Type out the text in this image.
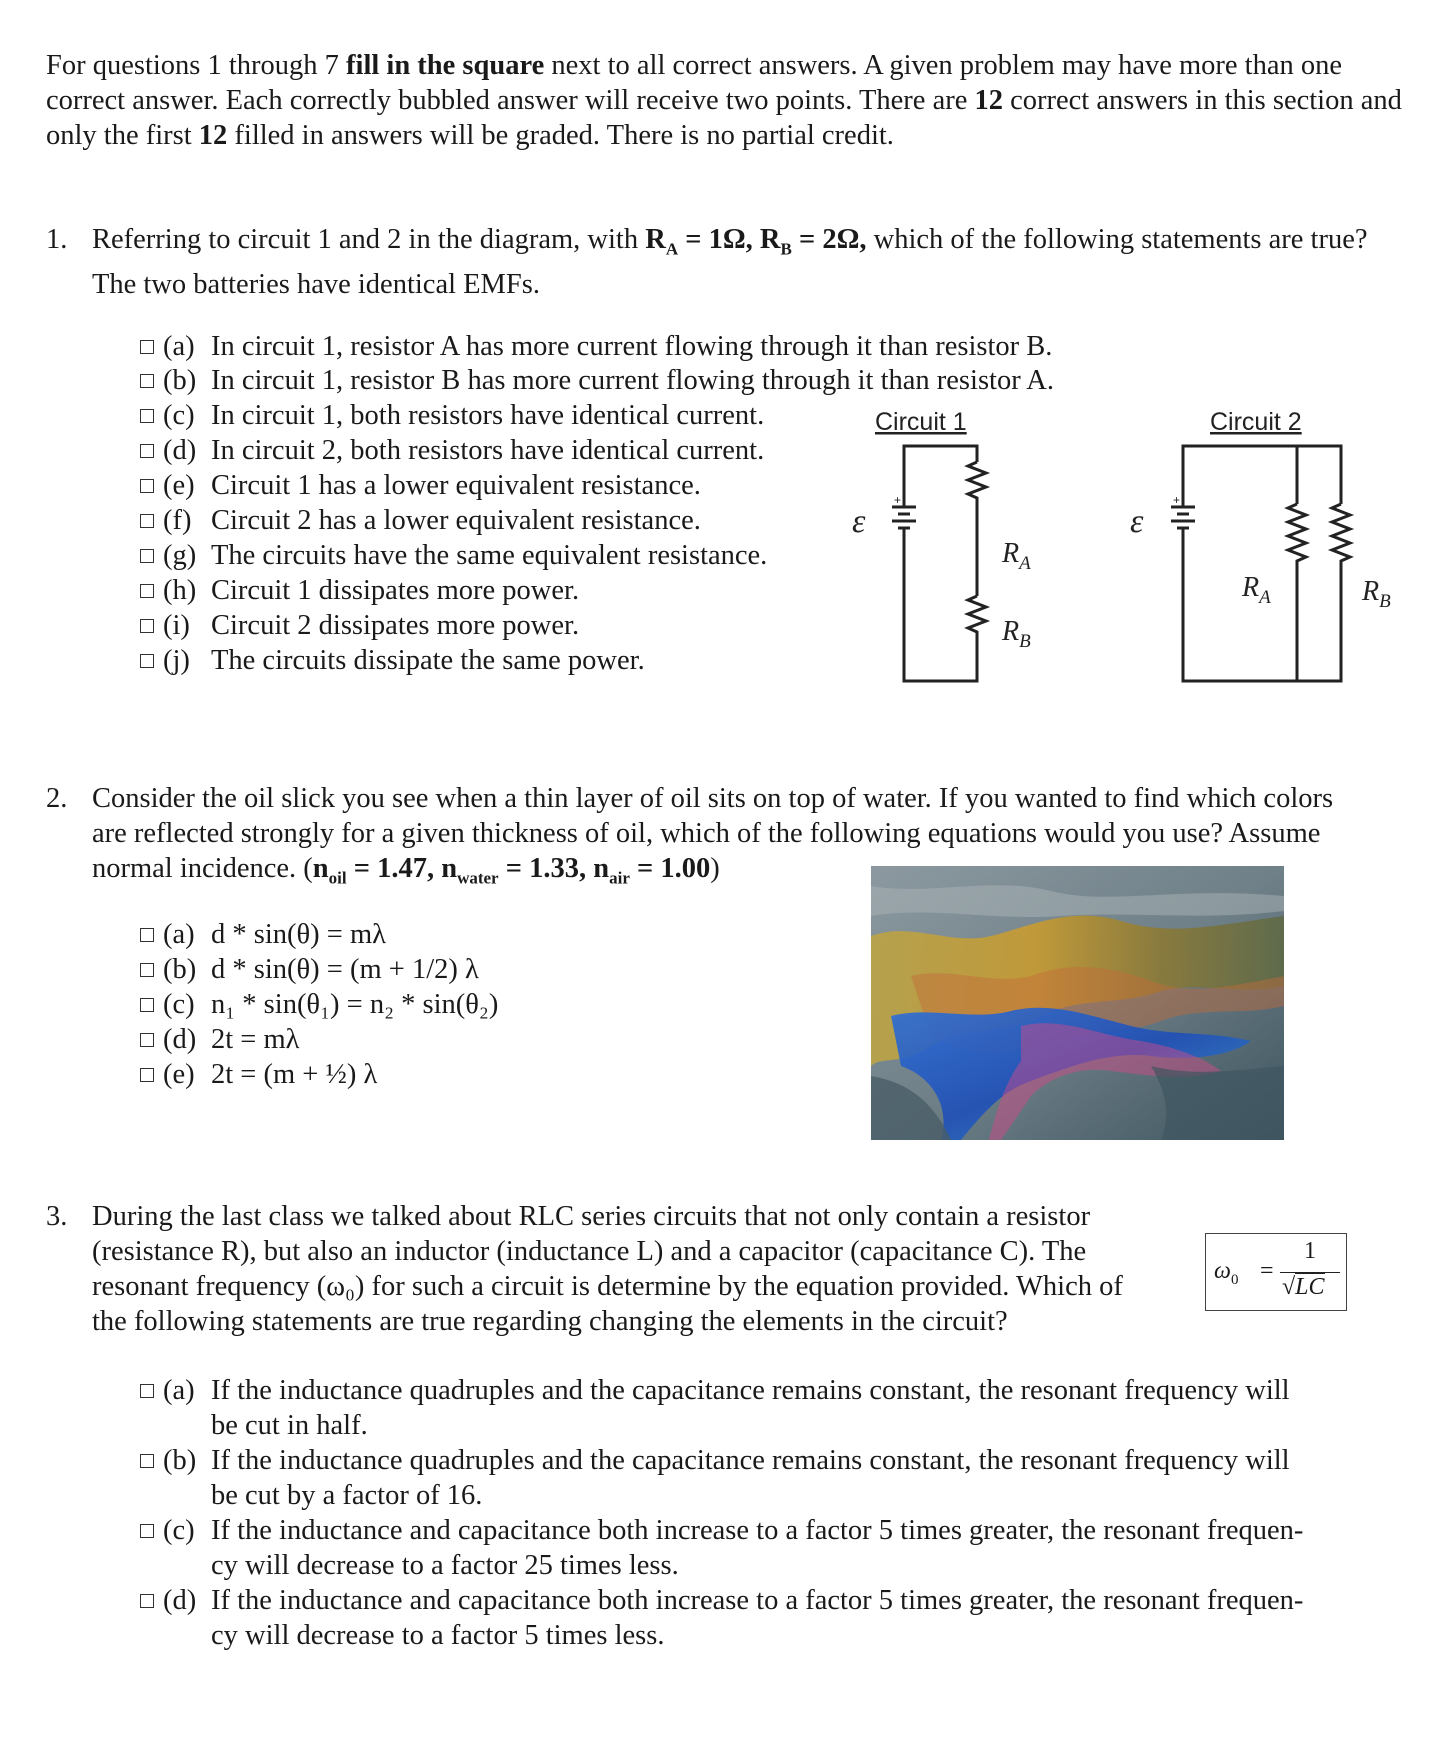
For questions 1 through 7 fill in the square next to all correct answers. A given problem may have more than one correct answer. Each correctly bubbled answer will receive two points. There are 12 correct answers in this section and only the first 12 filled in answers will be graded. There is no partial credit.
1. Referring to circuit 1 and 2 in the diagram, with $R_A = 1\Omega$, $R_B = 2\Omega$, which of the following statements are true? The two batteries have identical EMFs.
(a) In circuit 1, resistor A has more current flowing through it than resistor B.
(b) In circuit 1, resistor B has more current flowing through it than resistor A.
(c) In circuit 1, both resistors have identical current.
(d) In circuit 2, both resistors have identical current.
(e) Circuit 1 has a lower equivalent resistance.
(f) Circuit 2 has a lower equivalent resistance.
(g) The circuits have the same equivalent resistance.
(h) Circuit 1 dissipates more power.
(i) Circuit 2 dissipates more power.
(j) The circuits dissipate the same power.
+	+
Circuit 1	Circuit 2
ε	ε
$R_A$
$R_B$
$R_A$	$R_B$
2. Consider the oil slick you see when a thin layer of oil sits on top of water. If you wanted to find which colors are reflected strongly for a given thickness of oil, which of the following equations would you use? Assume normal incidence. ($n_{oil} = 1.47$, $n_{water} = 1.33$, $n_{air} = 1.00$)
(a) d * sin(θ) = mλ
(b) d * sin(θ) = (m + 1/2) λ
(c) n₁ * sin(θ₁) = n₂ * sin(θ₂)
(d) 2t = mλ
(e) 2t = (m + ½) λ
3. During the last class we talked about RLC series circuits that not only contain a resistor (resistance R), but also an inductor (inductance L) and a capacitor (capacitance C). The resonant frequency (ω₀) for such a circuit is determine by the equation provided. Which of the following statements are true regarding changing the elements in the circuit?
$\omega_0$ =
1
√LC
(a) If the inductance quadruples and the capacitance remains constant, the resonant frequency will
be cut in half.
(b) If the inductance quadruples and the capacitance remains constant, the resonant frequency will
be cut by a factor of 16.
(c) If the inductance and capacitance both increase to a factor 5 times greater, the resonant frequen-
cy will decrease to a factor 25 times less.
(d) If the inductance and capacitance both increase to a factor 5 times greater, the resonant frequen-
cy will decrease to a factor 5 times less.
